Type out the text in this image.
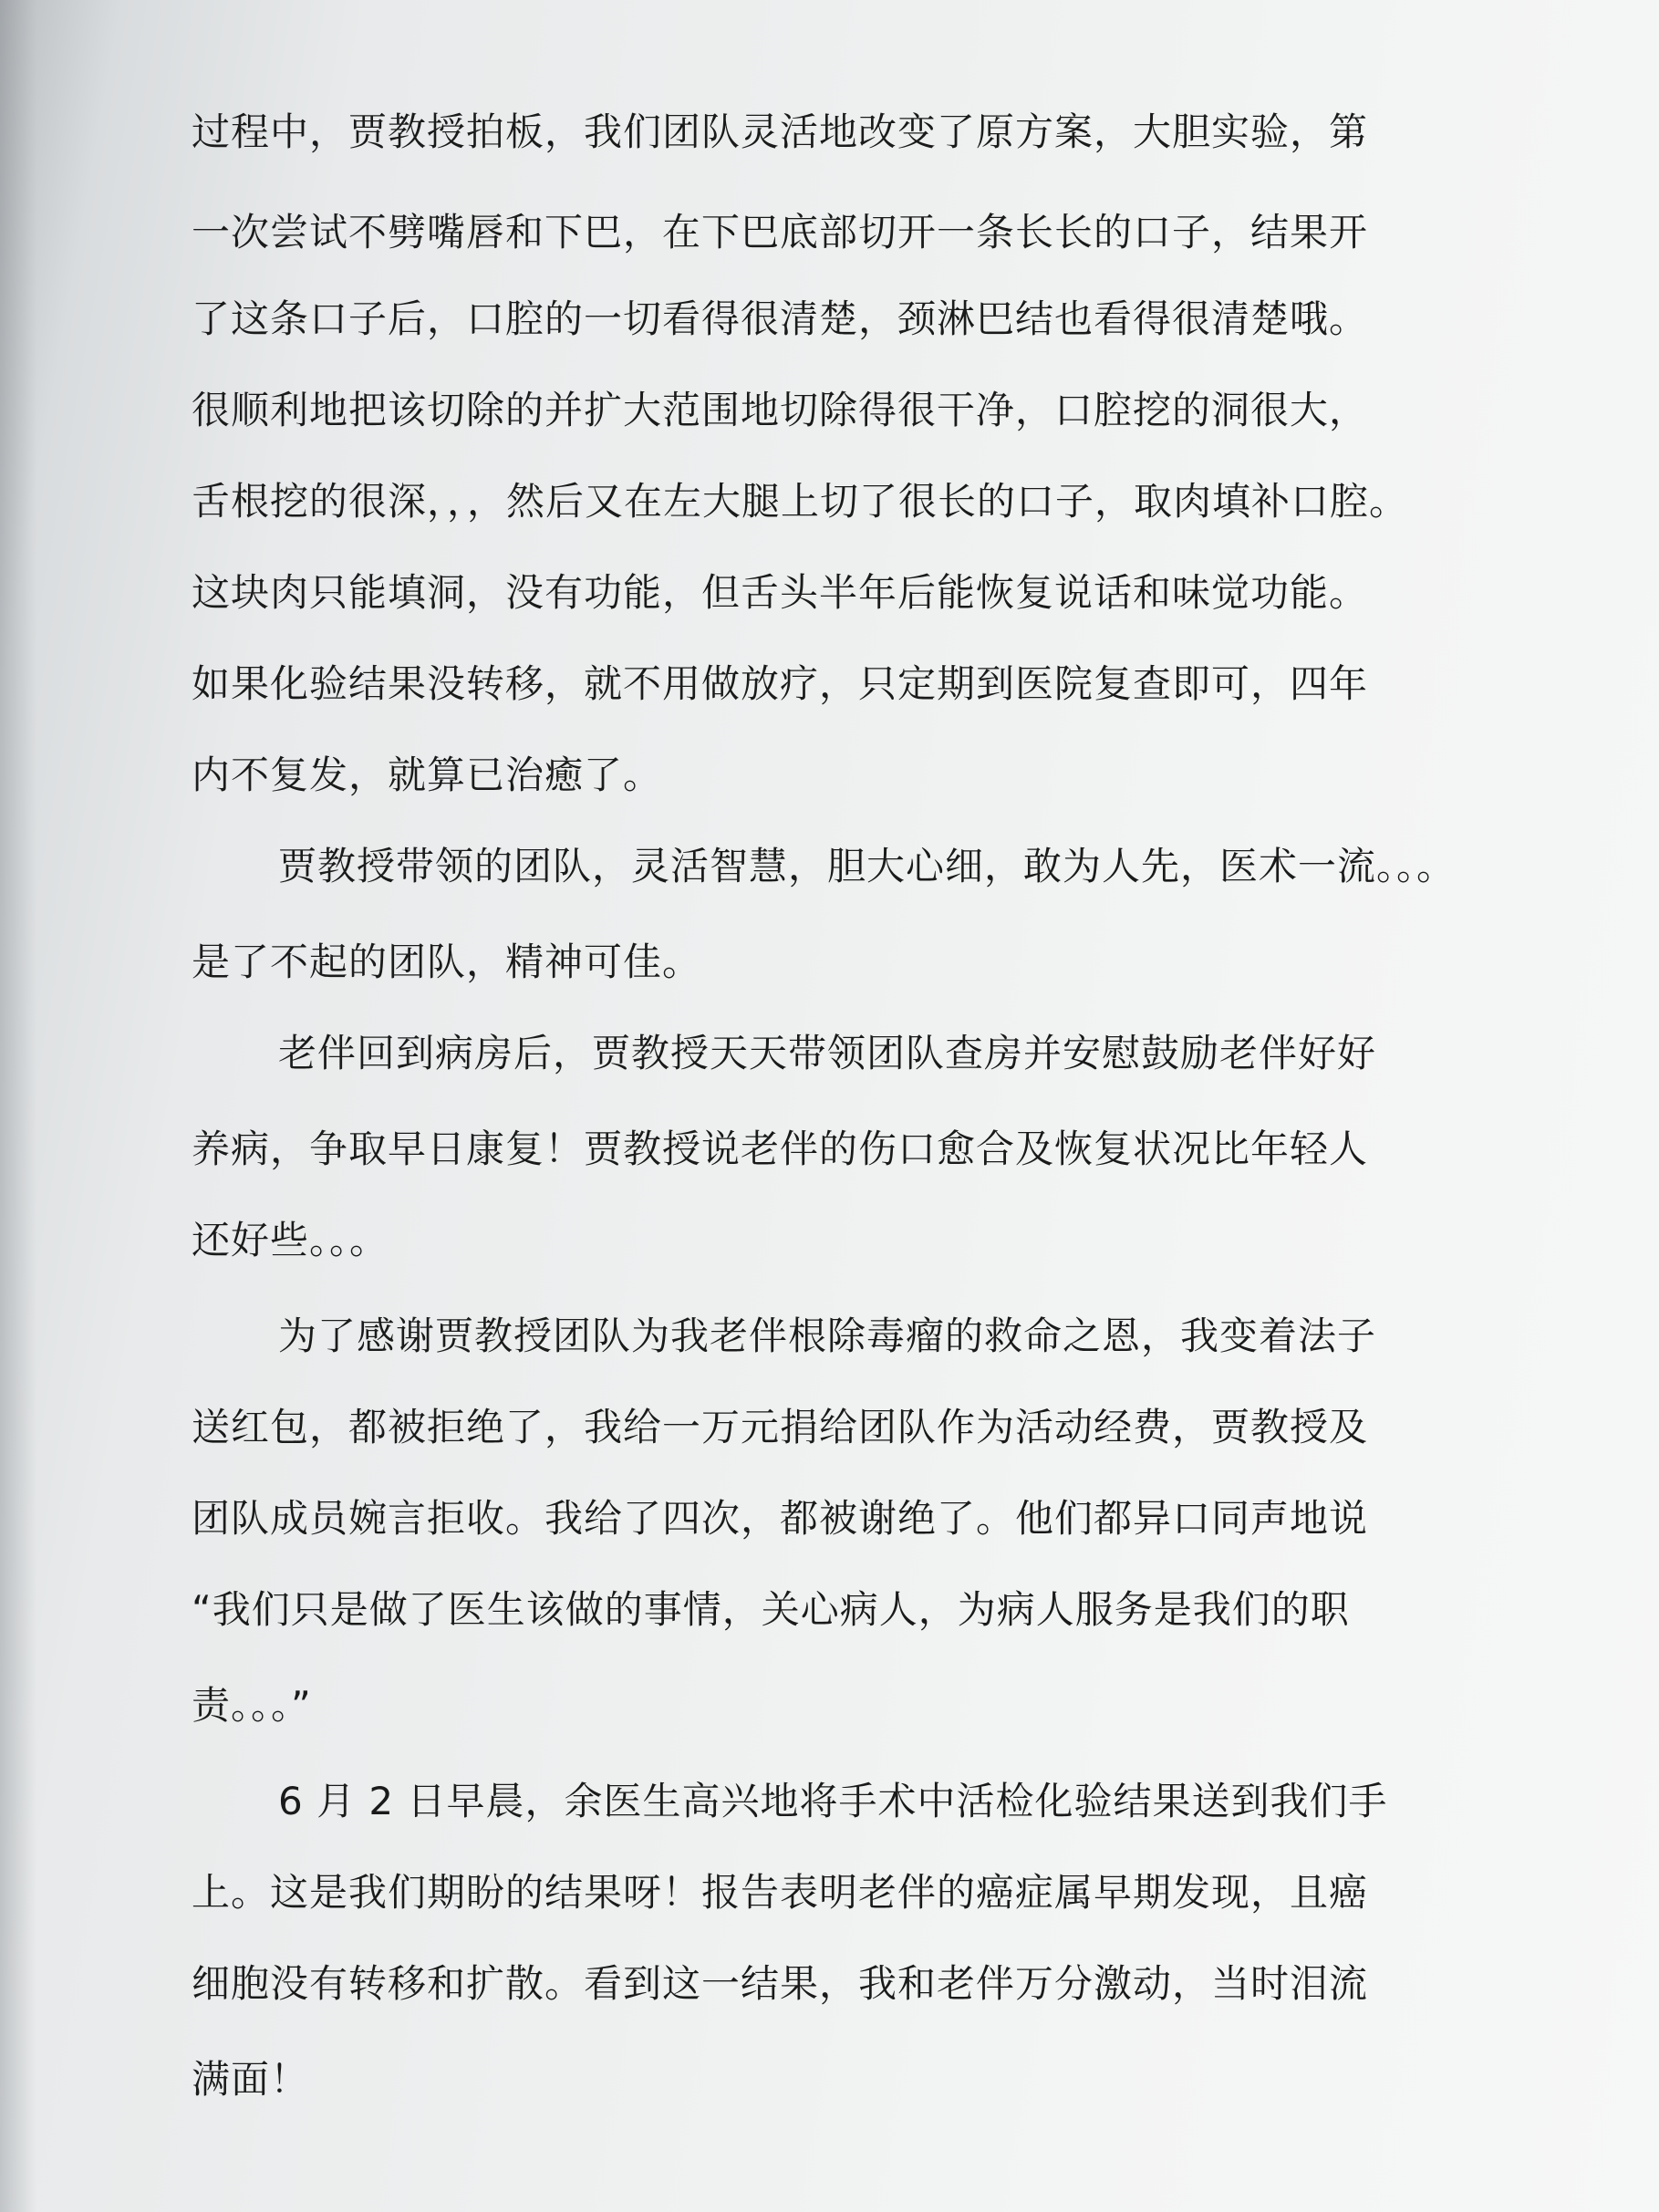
过程中，贾教授拍板，我们团队灵活地改变了原方案，大胆实验，第
一次尝试不劈嘴唇和下巴，在下巴底部切开一条长长的口子，结果开
了这条口子后，口腔的一切看得很清楚，颈淋巴结也看得很清楚哦。
很顺利地把该切除的并扩大范围地切除得很干净，口腔挖的洞很大，
舌根挖的很深，，，然后又在左大腿上切了很长的口子，取肉填补口腔。
这块肉只能填洞，没有功能，但舌头半年后能恢复说话和味觉功能。
如果化验结果没转移，就不用做放疗，只定期到医院复查即可，四年
内不复发，就算已治癒了。
贾教授带领的团队，灵活智慧，胆大心细，敢为人先，医术一流。。。
是了不起的团队，精神可佳。
老伴回到病房后，贾教授天天带领团队查房并安慰鼓励老伴好好
养病，争取早日康复！贾教授说老伴的伤口愈合及恢复状况比年轻人
还好些。。。
为了感谢贾教授团队为我老伴根除毒瘤的救命之恩，我变着法子
送红包，都被拒绝了，我给一万元捐给团队作为活动经费，贾教授及
团队成员婉言拒收。我给了四次，都被谢绝了。他们都异口同声地说
“我们只是做了医生该做的事情，关心病人，为病人服务是我们的职
责。。。”
6 月 2 日早晨，余医生高兴地将手术中活检化验结果送到我们手
上。这是我们期盼的结果呀！报告表明老伴的癌症属早期发现，且癌
细胞没有转移和扩散。看到这一结果，我和老伴万分激动，当时泪流
满面！
